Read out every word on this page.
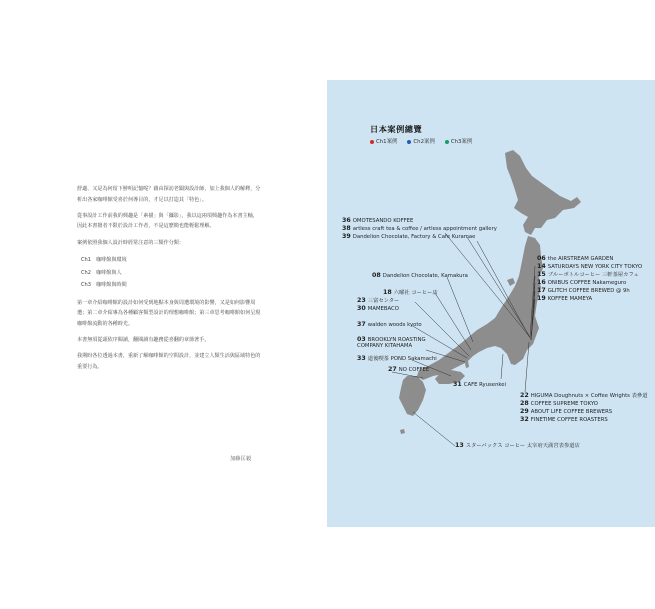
舒適、又是為何留下鮮明記憶呢？藉由探訪老闆與設計師，加上我個人的解釋，分析出各家咖啡館受喜於何導目的，才足以打造其「特色」。

從事設計工作前我的興趣是「素描」與「攝影」，我以這兩項興趣作為本書主軸，因此本書擅者不限於設計工作者，不是這麼簡也能輕鬆理解。

案例依照我個人設計時經常注意的三類作分類：

Ch1　咖啡館與環境
Ch2　咖啡館與人
Ch3　咖啡館與時間

第一章介紹咖啡館的設計如何受到地點本身與周遭環境的影響，又是如何影響周遭；第二章介紹專為各種顧客類型設計的理想咖啡館；第三章思考咖啡館如何呈現咖啡館流動的各種時光。

本書無須從頭依序閱讀，翻閱讀有趣務從喜翻的章節著手。

我期盼各位透過本書，重新了解咖啡館的空間設計，並建立人類生活與區域特色的重要行為。

加藤匡毅
日本案例總覽
Ch1案例	Ch2案例	Ch3案例
36 OMOTESANDO KOFFEE
38 artless craft tea & coffee / artless appointment gallery
39 Dandelion Chocolate, Factory & Cafe Kuramae
06 the AIRSTREAM GARDEN
14 SATURDAYS NEW YORK CITY TOKYO
15 ブルーボトルコーヒー 三軒茶屋カフェ
16 ONIBUS COFFEE Nakameguro
17 GLITCH COFFEE BREWED @ 9h
19 KOFFEE MAMEYA
08 Dandelion Chocolate, Kamakura
18 六曜社 コーヒー店
23 三富センター
30 MAMEBACO
37 walden woods kyoto
03 BROOKLYN ROASTING COMPANY KITAHAMA
33 道後喫茶 POND Sakamachi
27 NO COFFEE
31 CAFE Ryusenkei
22 HIGUMA Doughnuts × Coffee Wrights 表參道
28 COFFEE SUPREME TOKYO
29 ABOUT LIFE COFFEE BREWERS
32 FINETIME COFFEE ROASTERS
13 スターバックス コーヒー 太宰府天満宮表参道店
